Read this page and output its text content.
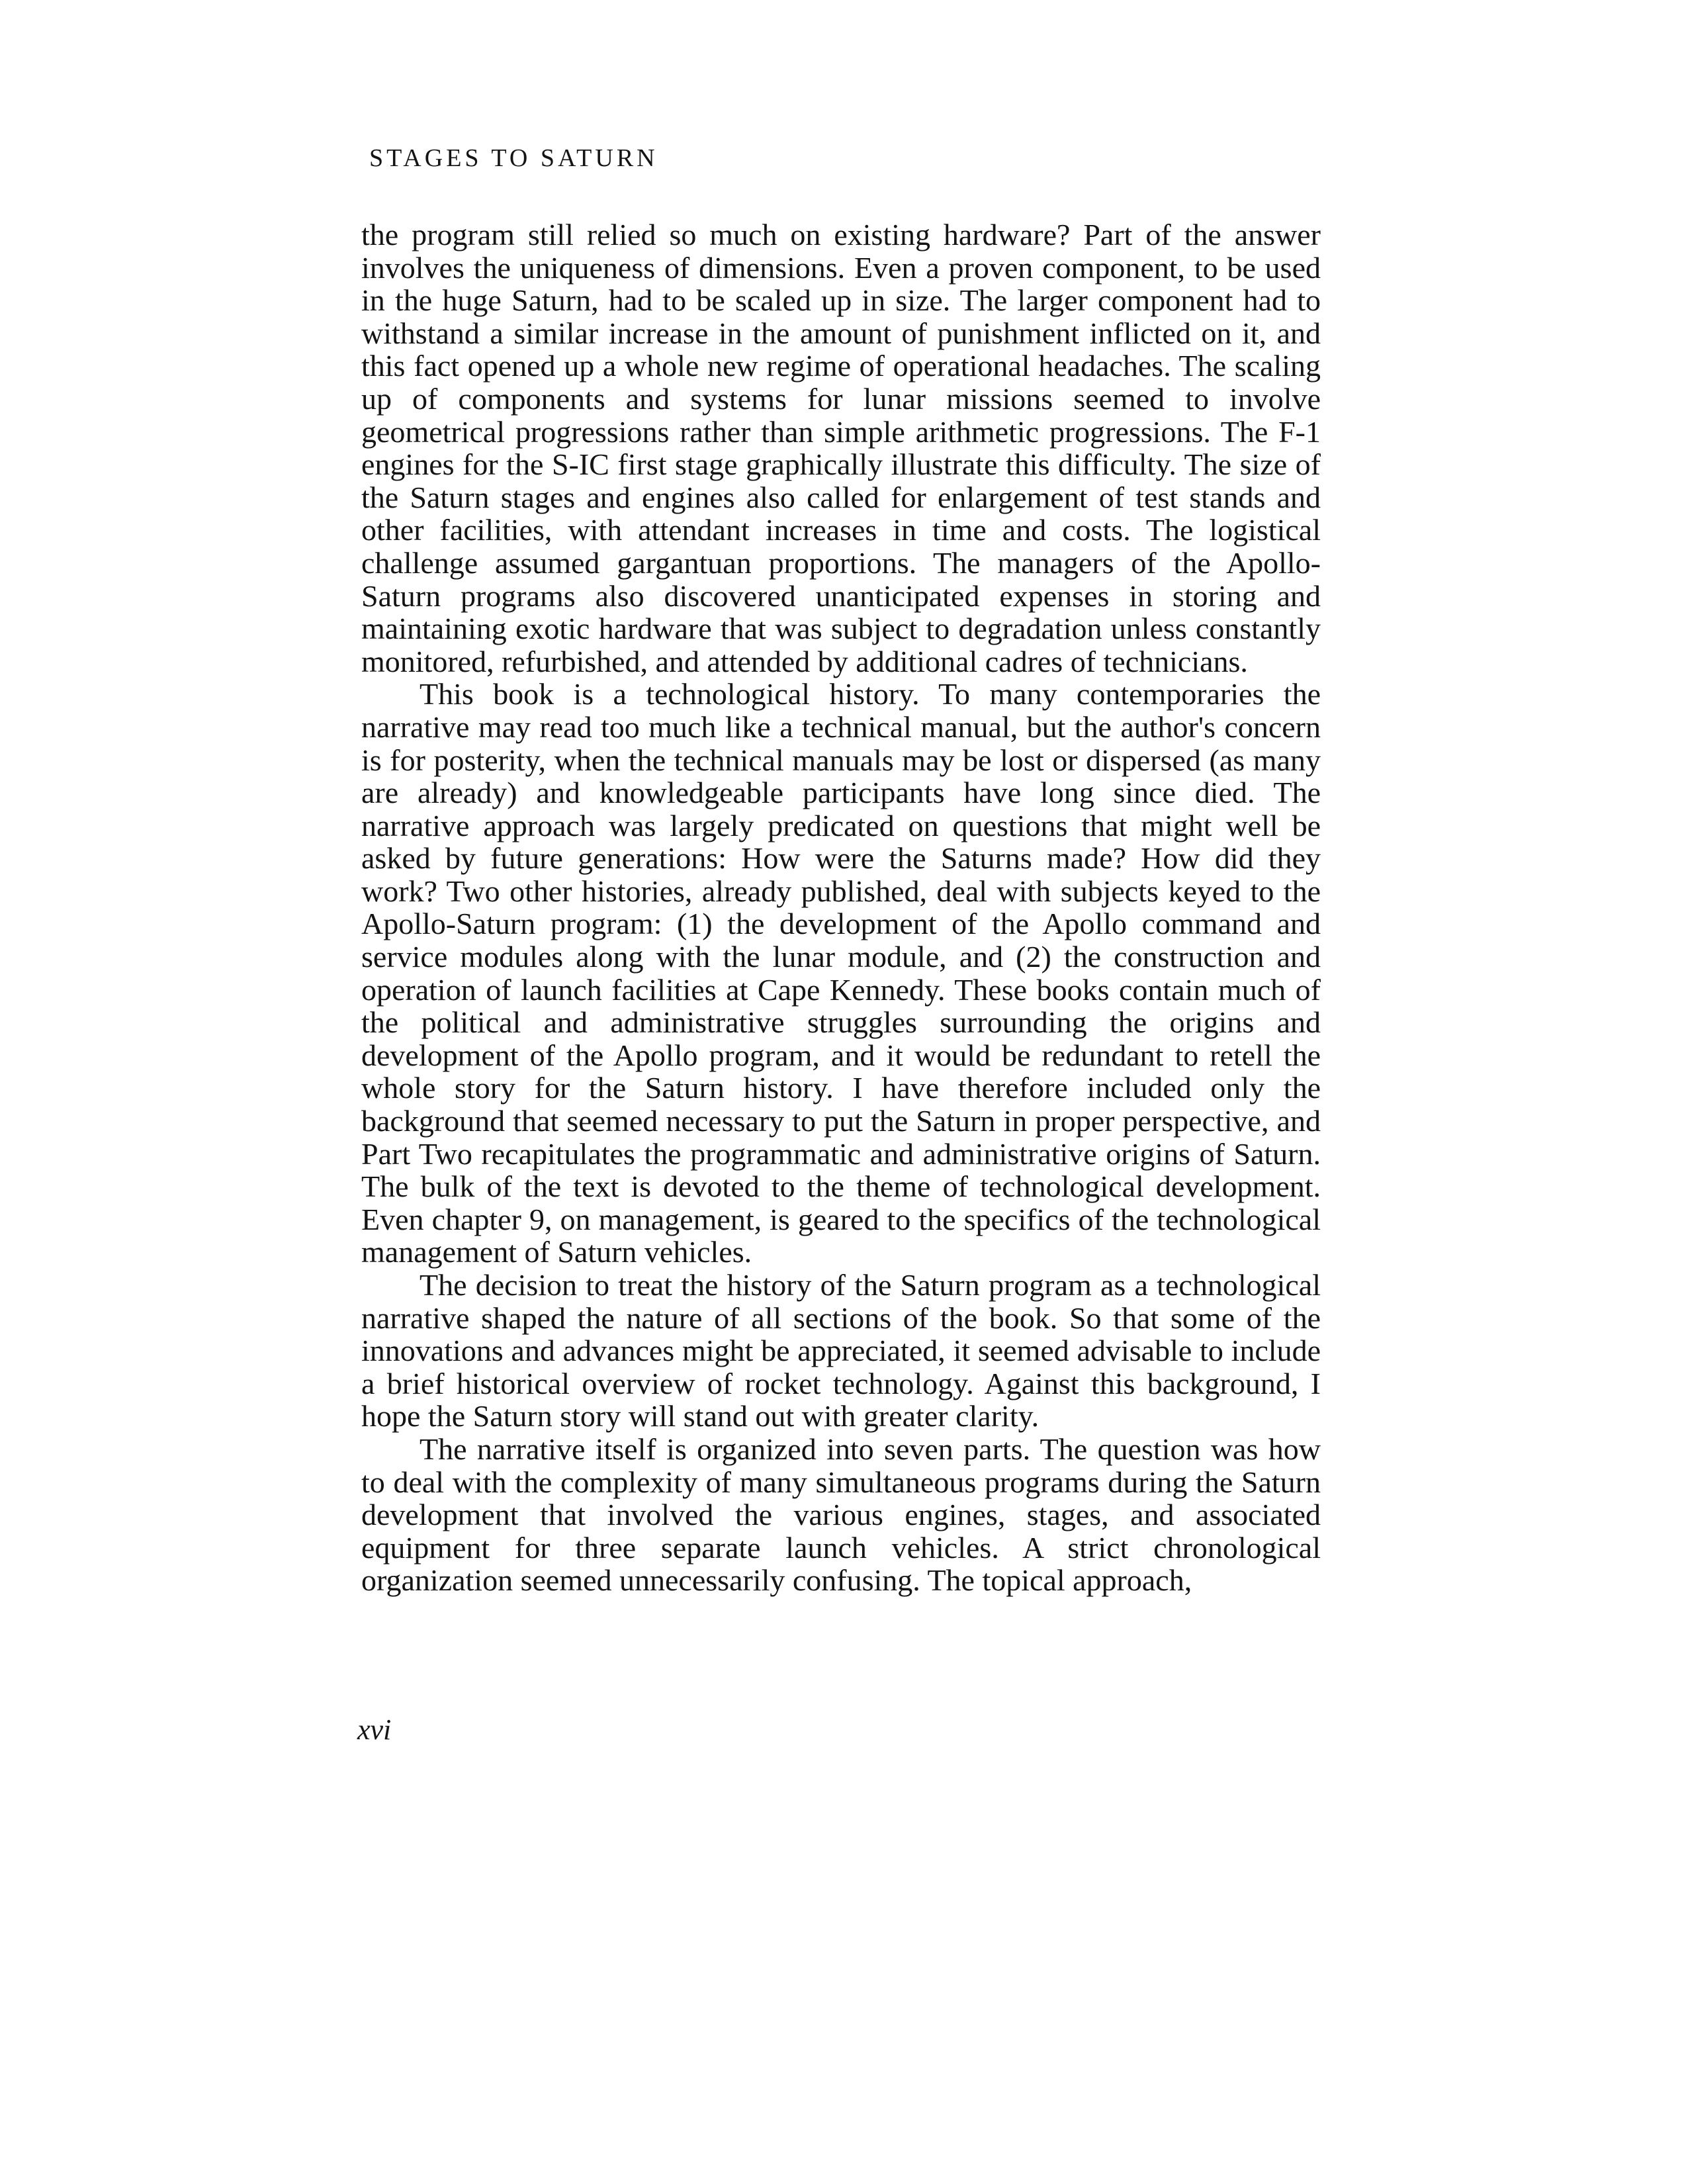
STAGES TO SATURN

the program still relied so much on existing hardware? Part of the answer involves the uniqueness of dimensions. Even a proven component, to be used in the huge Saturn, had to be scaled up in size. The larger component had to withstand a similar increase in the amount of punishment inflicted on it, and this fact opened up a whole new regime of operational headaches. The scaling up of components and systems for lunar missions seemed to involve geometrical progressions rather than simple arithmetic progressions. The F-1 engines for the S-IC first stage graphically illustrate this difficulty. The size of the Saturn stages and engines also called for enlargement of test stands and other facilities, with attendant increases in time and costs. The logistical challenge assumed gargantuan proportions. The managers of the Apollo-Saturn programs also discovered unanticipated expenses in storing and maintaining exotic hardware that was subject to degradation unless constantly monitored, refurbished, and attended by additional cadres of technicians.

This book is a technological history. To many contemporaries the narrative may read too much like a technical manual, but the author's concern is for posterity, when the technical manuals may be lost or dispersed (as many are already) and knowledgeable participants have long since died. The narrative approach was largely predicated on questions that might well be asked by future generations: How were the Saturns made? How did they work? Two other histories, already published, deal with subjects keyed to the Apollo-Saturn program: (1) the development of the Apollo command and service modules along with the lunar module, and (2) the construction and operation of launch facilities at Cape Kennedy. These books contain much of the political and administrative struggles surrounding the origins and development of the Apollo program, and it would be redundant to retell the whole story for the Saturn history. I have therefore included only the background that seemed necessary to put the Saturn in proper perspective, and Part Two recapitulates the programmatic and administrative origins of Saturn. The bulk of the text is devoted to the theme of technological development. Even chapter 9, on management, is geared to the specifics of the technological management of Saturn vehicles.

The decision to treat the history of the Saturn program as a technological narrative shaped the nature of all sections of the book. So that some of the innovations and advances might be appreciated, it seemed advisable to include a brief historical overview of rocket technology. Against this background, I hope the Saturn story will stand out with greater clarity.

The narrative itself is organized into seven parts. The question was how to deal with the complexity of many simultaneous programs during the Saturn development that involved the various engines, stages, and associated equipment for three separate launch vehicles. A strict chronological organization seemed unnecessarily confusing. The topical approach,

xvi
